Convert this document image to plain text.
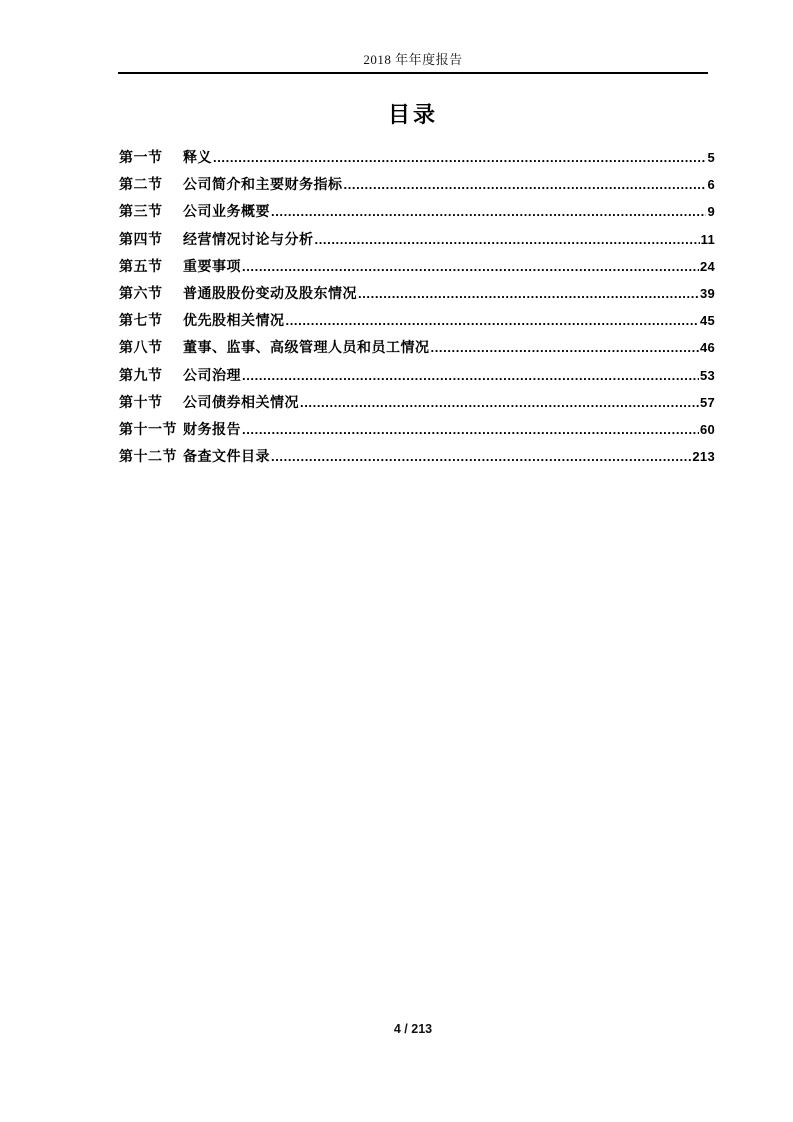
2018 年年度报告
目录
第一节	释义 .....	5
第二节	公司简介和主要财务指标 .....	6
第三节	公司业务概要 .....	9
第四节	经营情况讨论与分析 .....	11
第五节	重要事项 .....	24
第六节	普通股股份变动及股东情况 .....	39
第七节	优先股相关情况 .....	45
第八节	董事、监事、高级管理人员和员工情况 .....	46
第九节	公司治理 .....	53
第十节	公司债券相关情况 .....	57
第十一节 财务报告 .....	60
第十二节 备查文件目录 .....	213
4 / 213
